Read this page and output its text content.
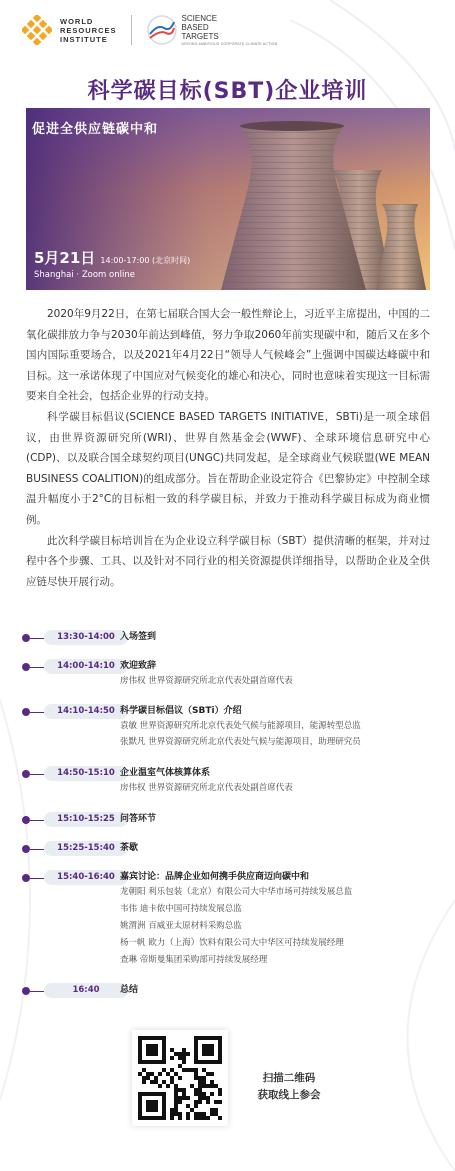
WORLD
RESOURCES
INSTITUTE
SCIENCE
BASED
TARGETS
DRIVING AMBITIOUS CORPORATE CLIMATE ACTION
科学碳目标(SBT)企业培训
促进全供应链碳中和
5月21日 14:00-17:00 (北京时间)
Shanghai · Zoom online

2020年9月22日，在第七届联合国大会一般性辩论上，习近平主席提出，中国的二氧化碳排放力争与2030年前达到峰值，努力争取2060年前实现碳中和，随后又在多个国内国际重要场合，以及2021年4月22日“领导人气候峰会”上强调中国碳达峰碳中和目标。这一承诺体现了中国应对气候变化的雄心和决心，同时也意味着实现这一目标需要来自全社会，包括企业界的行动支持。

科学碳目标倡议(SCIENCE BASED TARGETS INITIATIVE，SBTi)是一项全球倡议，由世界资源研究所(WRI)、世界自然基金会(WWF)、全球环境信息研究中心(CDP)、以及联合国全球契约项目(UNGC)共同发起，是全球商业气候联盟(WE MEAN BUSINESS COALITION)的组成部分。旨在帮助企业设定符合《巴黎协定》中控制全球温升幅度小于2°C的目标相一致的科学碳目标，并致力于推动科学碳目标成为商业惯例。

此次科学碳目标培训旨在为企业设立科学碳目标（SBT）提供清晰的框架，并对过程中各个步骤、工具、以及针对不同行业的相关资源提供详细指导，以帮助企业及全供应链尽快开展行动。

13:30-14:00 入场签到
14:00-14:10 欢迎致辞
房伟权 世界资源研究所北京代表处副首席代表
14:10-14:50 科学碳目标倡议（SBTi）介绍
袁敏 世界资源研究所北京代表处气候与能源项目，能源转型总监
张默凡 世界资源研究所北京代表处气候与能源项目，助理研究员
14:50-15:10 企业温室气体核算体系
房伟权 世界资源研究所北京代表处副首席代表
15:10-15:25 问答环节
15:25-15:40 茶歇
15:40-16:40 嘉宾讨论：品牌企业如何携手供应商迈向碳中和
龙朝阳 利乐包装（北京）有限公司大中华市场可持续发展总监
韦伟 迪卡侬中国可持续发展总监
姚渭洲 百威亚太原材料采购总监
杨一帆 欧力（上海）饮料有限公司大中华区可持续发展经理
查琳 帝斯曼集团采购部可持续发展经理
16:40	总结
扫描二维码
获取线上参会
